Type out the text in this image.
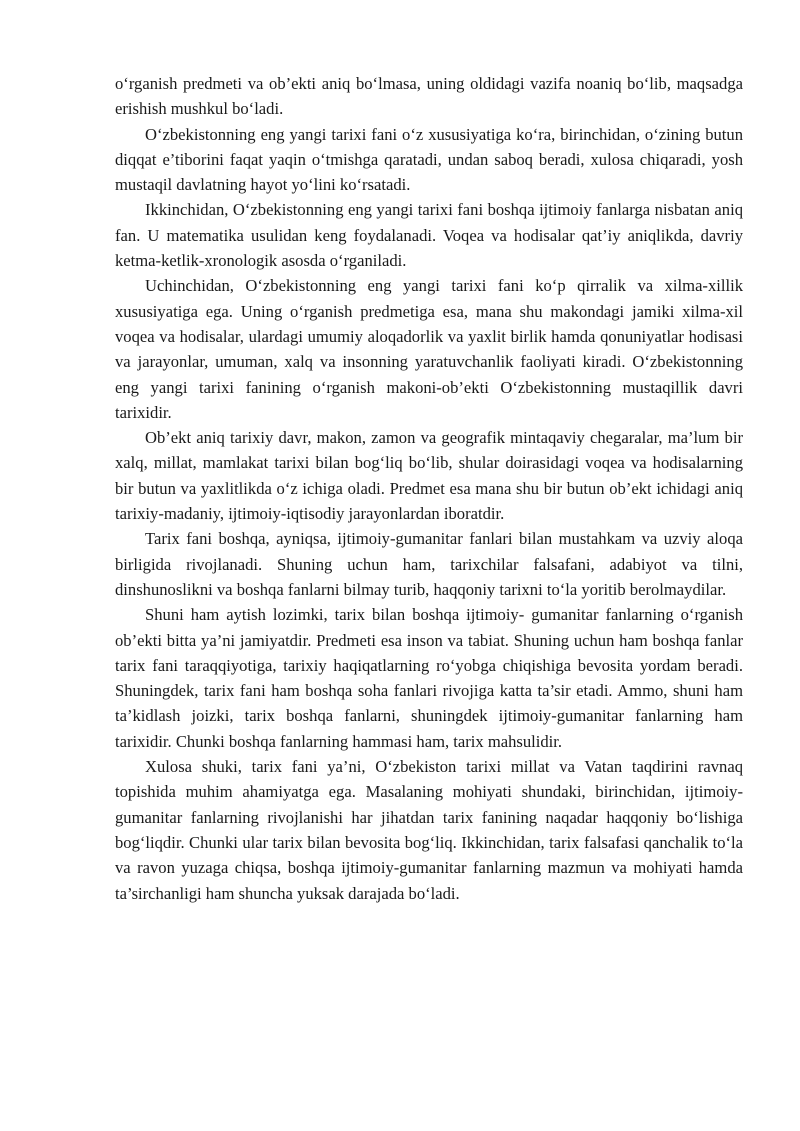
o‘rganish predmeti va ob’ekti aniq bo‘lmasa, uning oldidagi vazifa noaniq bo‘lib, maqsadga erishish mushkul bo‘ladi.

O‘zbekistonning eng yangi tarixi fani o‘z xususiyatiga ko‘ra, birinchidan, o‘zining butun diqqat e’tiborini faqat yaqin o‘tmishga qaratadi, undan saboq beradi, xulosa chiqaradi, yosh mustaqil davlatning hayot yo‘lini ko‘rsatadi.

Ikkinchidan, O‘zbekistonning eng yangi tarixi fani boshqa ijtimoiy fanlarga nisbatan aniq fan. U matematika usulidan keng foydalanadi. Voqea va hodisalar qat’iy aniqlikda, davriy ketma-ketlik-xronologik asosda o‘rganiladi.

Uchinchidan, O‘zbekistonning eng yangi tarixi fani ko‘p qirralik va xilma-xillik xususiyatiga ega. Uning o‘rganish predmetiga esa, mana shu makondagi jamiki xilma-xil voqea va hodisalar, ulardagi umumiy aloqadorlik va yaxlit birlik hamda qonuniyatlar hodisasi va jarayonlar, umuman, xalq va insonning yaratuvchanlik faoliyati kiradi. O‘zbekistonning eng yangi tarixi fanining o‘rganish makoni-ob’ekti O‘zbekistonning mustaqillik davri tarixidir.

Ob’ekt aniq tarixiy davr, makon, zamon va geografik mintaqaviy chegaralar, ma’lum bir xalq, millat, mamlakat tarixi bilan bog‘liq bo‘lib, shular doirasidagi voqea va hodisalarning bir butun va yaxlitlikda o‘z ichiga oladi. Predmet esa mana shu bir butun ob’ekt ichidagi aniq tarixiy-madaniy, ijtimoiy-iqtisodiy jarayonlardan iboratdir.

Tarix fani boshqa, ayniqsa, ijtimoiy-gumanitar fanlari bilan mustahkam va uzviy aloqa birligida rivojlanadi. Shuning uchun ham, tarixchilar falsafani, adabiyot va tilni, dinshunoslikni va boshqa fanlarni bilmay turib, haqqoniy tarixni to‘la yoritib berolmaydilar.

Shuni ham aytish lozimki, tarix bilan boshqa ijtimoiy- gumanitar fanlarning o‘rganish ob’ekti bitta ya’ni jamiyatdir. Predmeti esa inson va tabiat. Shuning uchun ham boshqa fanlar tarix fani taraqqiyotiga, tarixiy haqiqatlarning ro‘yobga chiqishiga bevosita yordam beradi. Shuningdek, tarix fani ham boshqa soha fanlari rivojiga katta ta’sir etadi. Ammo, shuni ham ta’kidlash joizki, tarix boshqa fanlarni, shuningdek ijtimoiy-gumanitar fanlarning ham tarixidir. Chunki boshqa fanlarning hammasi ham, tarix mahsulidir.

Xulosa shuki, tarix fani ya’ni, O‘zbekiston tarixi millat va Vatan taqdirini ravnaq topishida muhim ahamiyatga ega. Masalaning mohiyati shundaki, birinchidan, ijtimoiy-gumanitar fanlarning rivojlanishi har jihatdan tarix fanining naqadar haqqoniy bo‘lishiga bog‘liqdir. Chunki ular tarix bilan bevosita bog‘liq. Ikkinchidan, tarix falsafasi qanchalik to‘la va ravon yuzaga chiqsa, boshqa ijtimoiy-gumanitar fanlarning mazmun va mohiyati hamda ta’sirchanligi ham shuncha yuksak darajada bo‘ladi.
